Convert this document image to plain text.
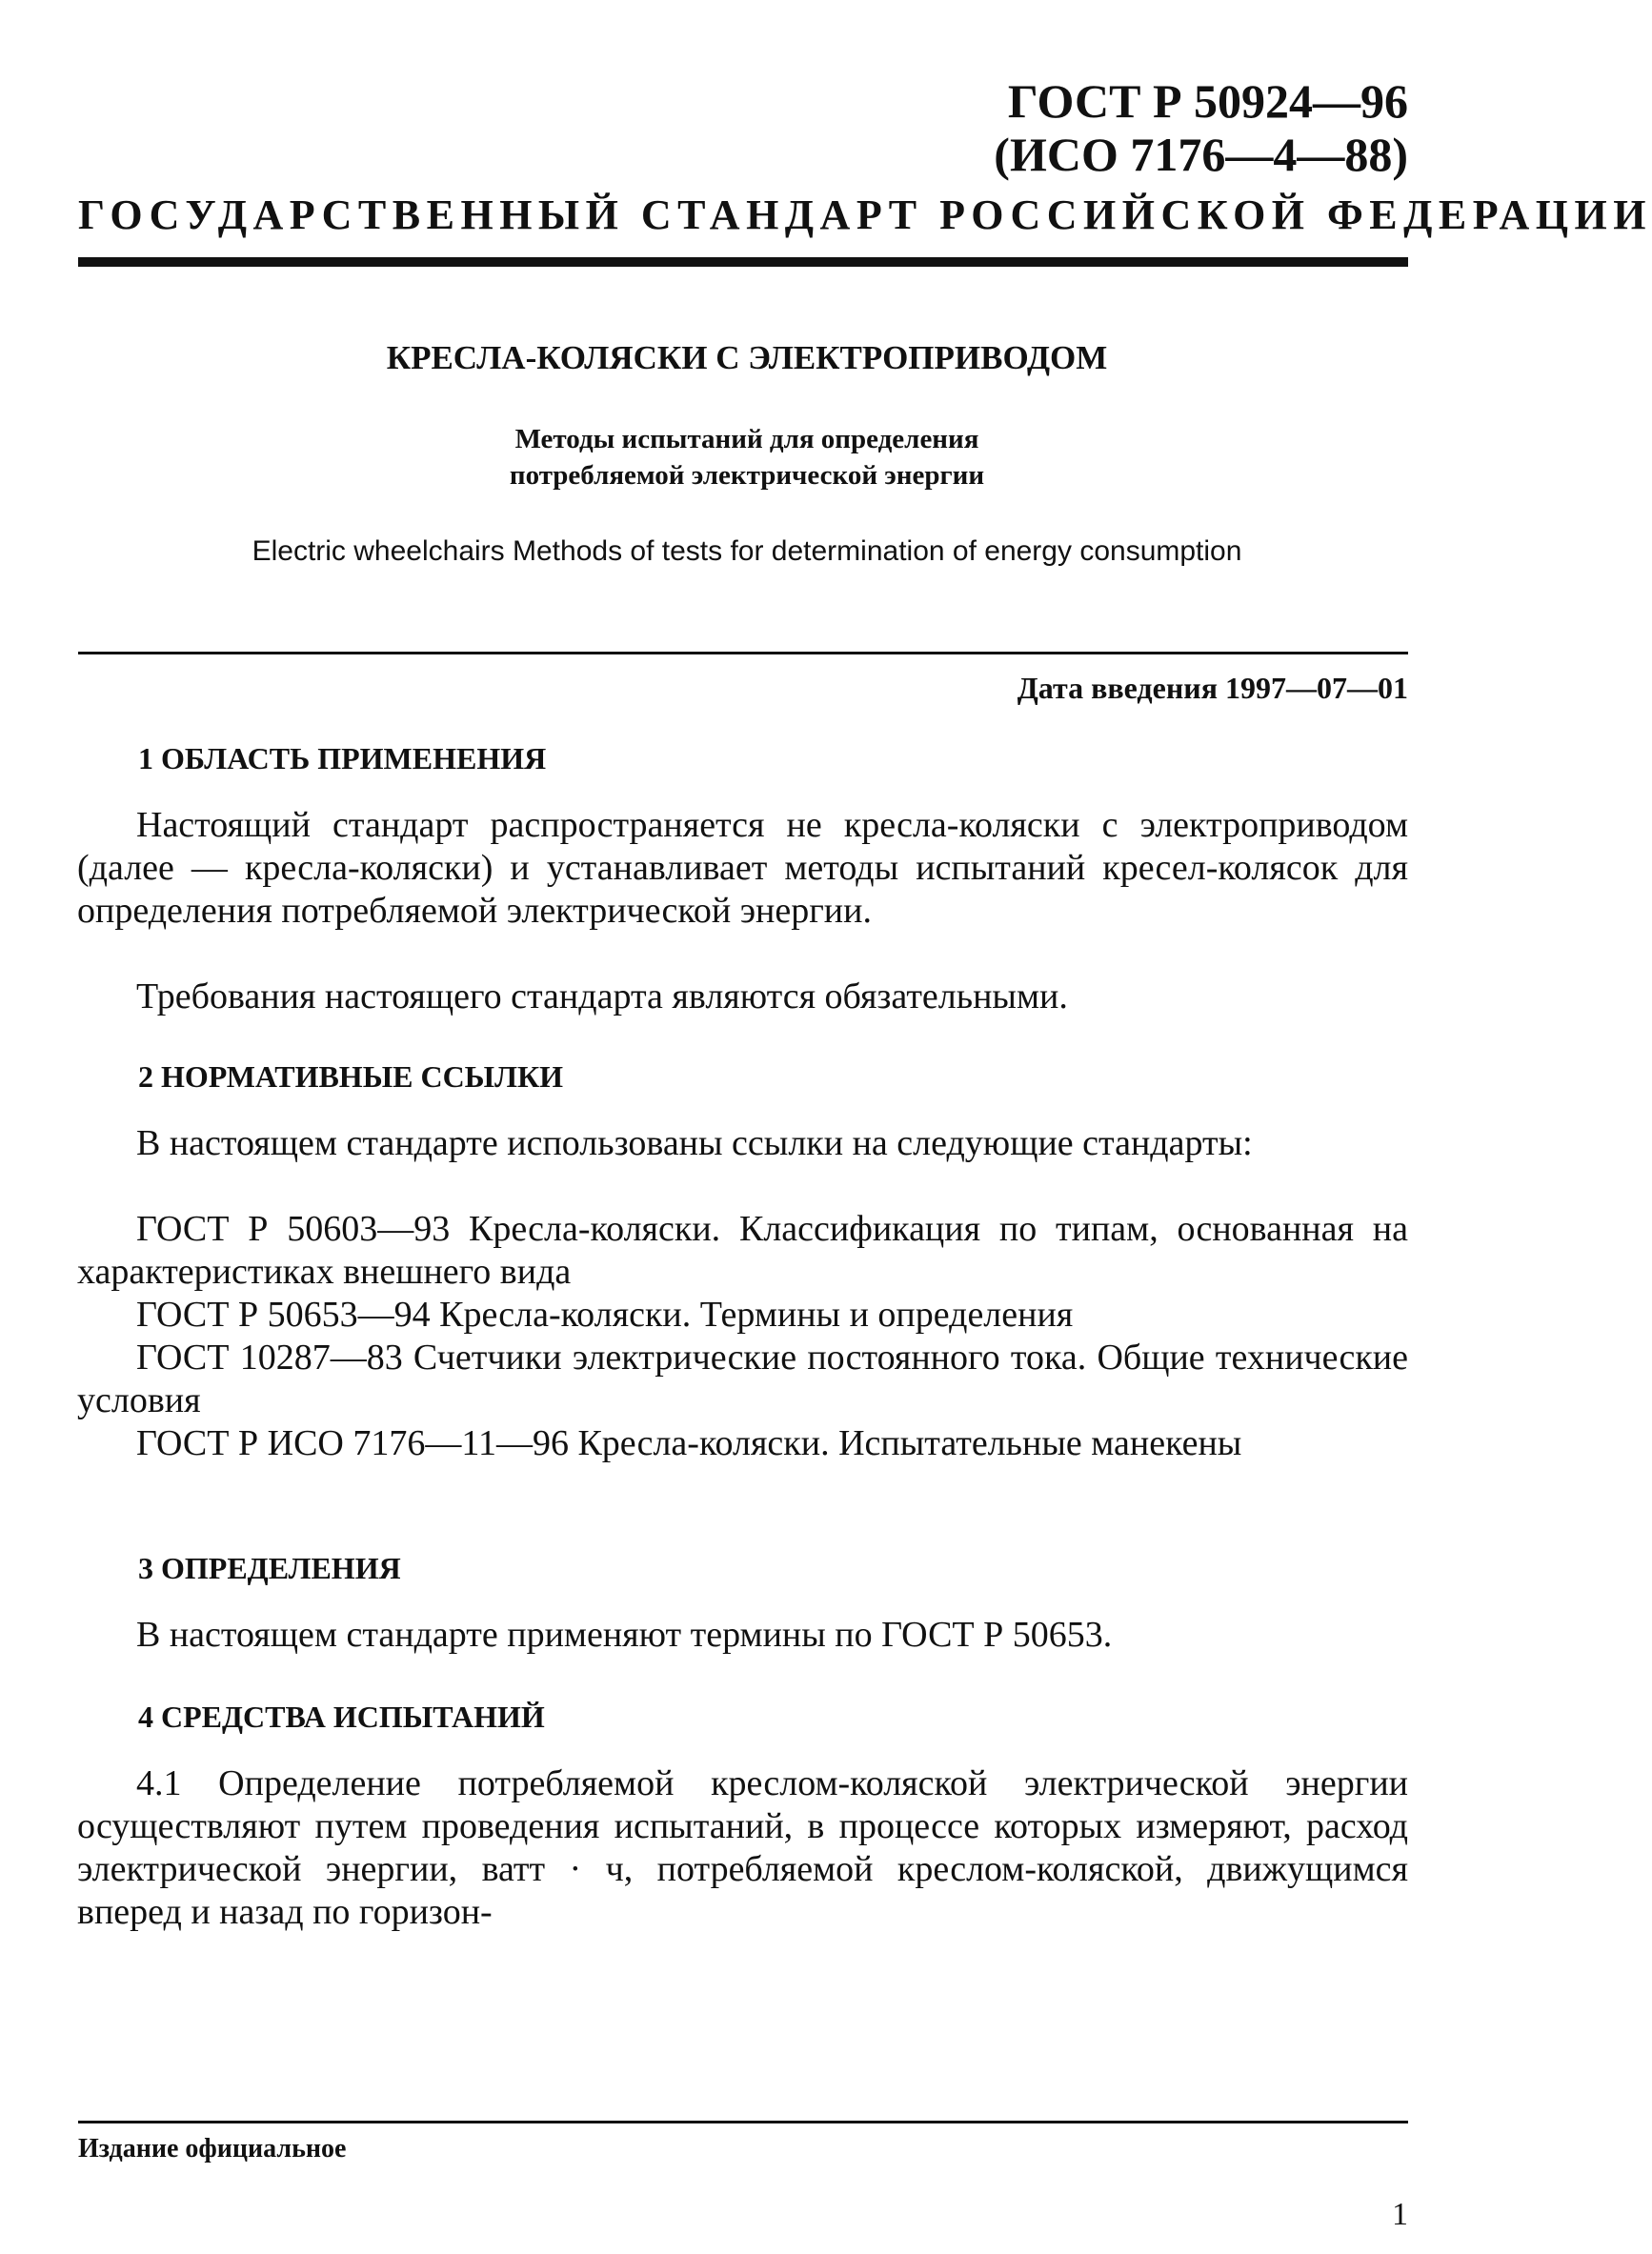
ГОСТ Р 50924—96
(ИСО 7176—4—88)
ГОСУДАРСТВЕННЫЙ СТАНДАРТ РОССИЙСКОЙ ФЕДЕРАЦИИ
КРЕСЛА-КОЛЯСКИ С ЭЛЕКТРОПРИВОДОМ
Методы испытаний для определения
потребляемой электрической энергии
Electric wheelchairs Methods of tests for determination of energy consumption
Дата введения 1997—07—01
1 ОБЛАСТЬ ПРИМЕНЕНИЯ

Настоящий стандарт распространяется не кресла-коляски с электроприводом (далее — кресла-коляски) и устанавливает методы испытаний кресел-колясок для определения потребляемой электрической энергии.

Требования настоящего стандарта являются обязательными.

2 НОРМАТИВНЫЕ ССЫЛКИ

В настоящем стандарте использованы ссылки на следующие стандарты:

ГОСТ Р 50603—93 Кресла-коляски. Классификация по типам, основанная на характеристиках внешнего вида

ГОСТ Р 50653—94 Кресла-коляски. Термины и определения

ГОСТ 10287—83 Счетчики электрические постоянного тока. Общие технические условия

ГОСТ Р ИСО 7176—11—96 Кресла-коляски. Испытательные манекены

3 ОПРЕДЕЛЕНИЯ

В настоящем стандарте применяют термины по ГОСТ Р 50653.

4 СРЕДСТВА ИСПЫТАНИЙ

4.1 Определение потребляемой креслом-коляской электрической энергии осуществляют путем проведения испытаний, в процессе которых измеряют, расход электрической энергии, ватт · ч, потребляемой креслом-коляской, движущимся вперед и назад по горизон-

Издание официальное
1
